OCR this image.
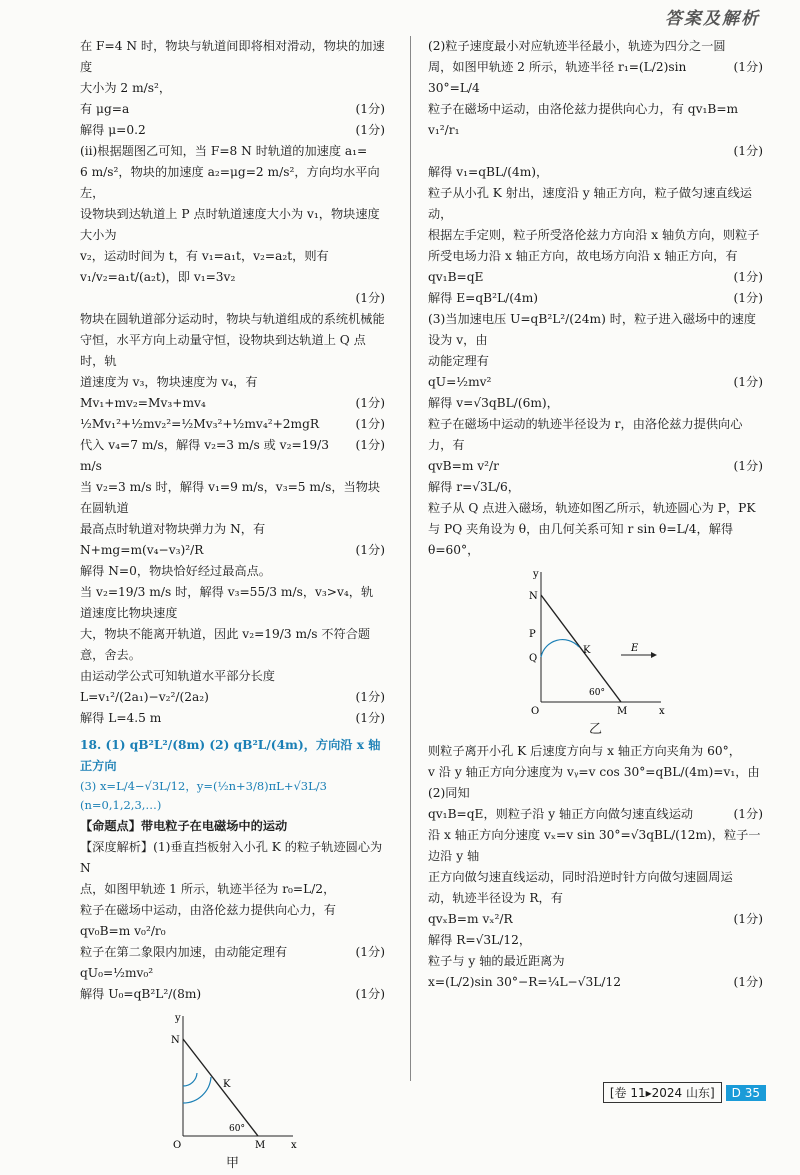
答案及解析
在 F=4 N 时，物块与轨道间即将相对滑动，物块的加速度
大小为 2 m/s²，
有 μg=a	(1分)
解得 μ=0.2	(1分)
(ii)根据题图乙可知，当 F=8 N 时轨道的加速度 a₁=
6 m/s²，物块的加速度 a₂=μg=2 m/s²，方向均水平向左，
设物块到达轨道上 P 点时轨道速度大小为 v₁，物块速度大小为
v₂，运动时间为 t，有 v₁=a₁t，v₂=a₂t，则有 v₁/v₂=a₁t/(a₂t)，即 v₁=3v₂
(1分)
物块在圆轨道部分运动时，物块与轨道组成的系统机械能
守恒，水平方向上动量守恒，设物块到达轨道上 Q 点时，轨
道速度为 v₃，物块速度为 v₄，有
Mv₁+mv₂=Mv₃+mv₄	(1分)
½Mv₁²+½mv₂²=½Mv₃²+½mv₄²+2mgR	(1分)
代入 v₄=7 m/s，解得 v₂=3 m/s 或 v₂=19/3 m/s
(1分)
当 v₂=3 m/s 时，解得 v₁=9 m/s，v₃=5 m/s，当物块在圆轨道
最高点时轨道对物块弹力为 N，有
N+mg=m(v₄−v₃)²/R	(1分)
解得 N=0，物块恰好经过最高点。
当 v₂=19/3 m/s 时，解得 v₃=55/3 m/s，v₃>v₄，轨道速度比物块速度
大，物块不能离开轨道，因此 v₂=19/3 m/s 不符合题意，舍去。
由运动学公式可知轨道水平部分长度
L=v₁²/(2a₁)−v₂²/(2a₂)	(1分)
解得 L=4.5 m	(1分)
18. (1) qB²L²/(8m) (2) qB²L/(4m)，方向沿 x 轴正方向
(3) x=L/4−√3L/12，y=(½n+3/8)πL+√3L/3 (n=0,1,2,3,…)
【命题点】带电粒子在电磁场中的运动
【深度解析】(1)垂直挡板射入小孔 K 的粒子轨迹圆心为 N
点，如图甲轨迹 1 所示，轨迹半径为 r₀=L/2，
粒子在磁场中运动，由洛伦兹力提供向心力，有 qv₀B=m v₀²/r₀
粒子在第二象限内加速，由动能定理有 qU₀=½mv₀²
(1分)
解得 U₀=qB²L²/(8m)	(1分)
y
x
N
K
O	M
60°
甲
(2)粒子速度最小对应轨迹半径最小，轨迹为四分之一圆
周，如图甲轨迹 2 所示，轨迹半径 r₁=(L/2)sin 30°=L/4
(1分)
粒子在磁场中运动，由洛伦兹力提供向心力，有 qv₁B=m v₁²/r₁
(1分)
解得 v₁=qBL/(4m)，
粒子从小孔 K 射出，速度沿 y 轴正方向，粒子做匀速直线运动，
根据左手定则，粒子所受洛伦兹力方向沿 x 轴负方向，则粒子
所受电场力沿 x 轴正方向，故电场方向沿 x 轴正方向，有
qv₁B=qE	(1分)
解得 E=qB²L/(4m)	(1分)
(3)当加速电压 U=qB²L²/(24m) 时，粒子进入磁场中的速度设为 v，由
动能定理有
qU=½mv²	(1分)
解得 v=√3qBL/(6m)，
粒子在磁场中运动的轨迹半径设为 r，由洛伦兹力提供向心
力，有
qvB=m v²/r	(1分)
解得 r=√3L/6，
粒子从 Q 点进入磁场，轨迹如图乙所示，轨迹圆心为 P，PK
与 PQ 夹角设为 θ，由几何关系可知 r sin θ=L/4，解得
θ=60°，
y
x
N
P
Q
K	E
O	M
60°
乙
则粒子离开小孔 K 后速度方向与 x 轴正方向夹角为 60°，
v 沿 y 轴正方向分速度为 vᵧ=v cos 30°=qBL/(4m)=v₁，由(2)同知
qv₁B=qE，则粒子沿 y 轴正方向做匀速直线运动	(1分)
沿 x 轴正方向分速度 vₓ=v sin 30°=√3qBL/(12m)，粒子一边沿 y 轴
正方向做匀速直线运动，同时沿逆时针方向做匀速圆周运
动，轨迹半径设为 R，有
qvₓB=m vₓ²/R	(1分)
解得 R=√3L/12，
粒子与 y 轴的最近距离为
x=(L/2)sin 30°−R=¼L−√3L/12	(1分)
[卷 11▸2024 山东]	D 35
